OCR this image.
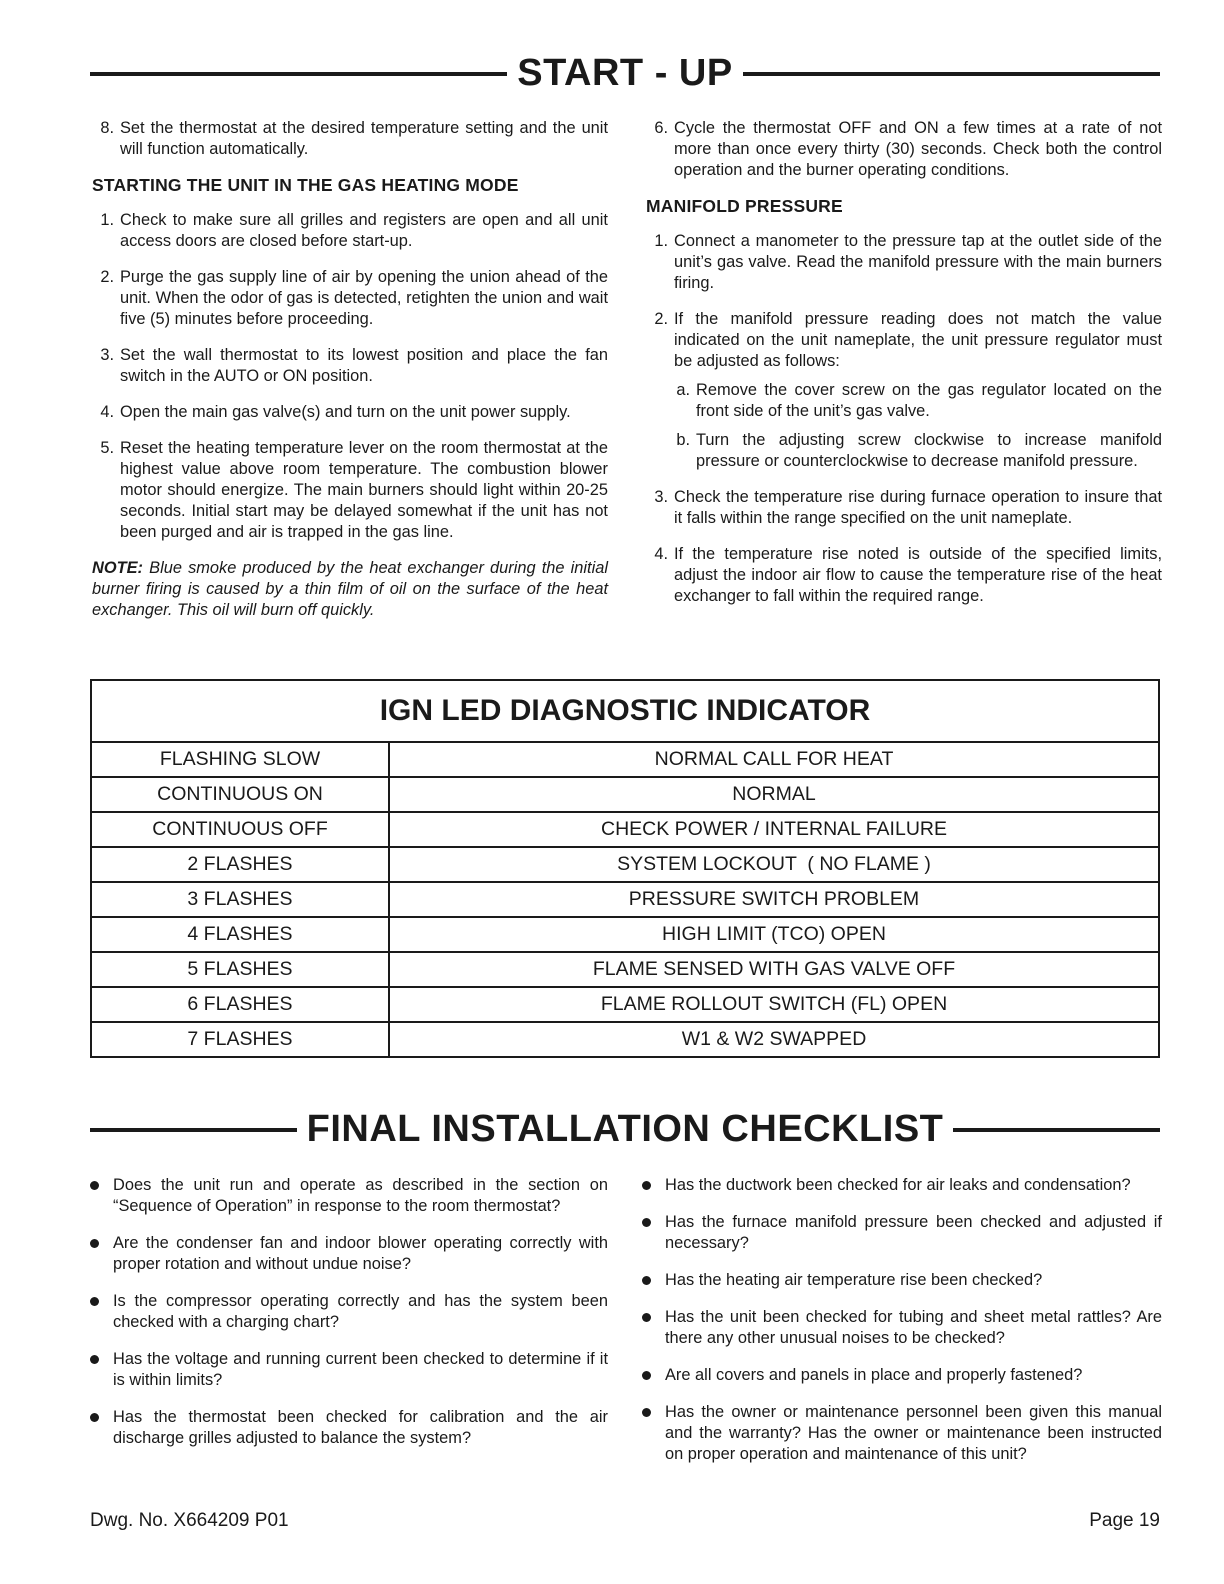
START - UP
8. Set the thermostat at the desired temperature setting and the unit will function automatically.
STARTING THE UNIT IN THE GAS HEATING MODE
1. Check to make sure all grilles and registers are open and all unit access doors are closed before start-up.
2. Purge the gas supply line of air by opening the union ahead of the unit. When the odor of gas is detected, retighten the union and wait five (5) minutes before proceeding.
3. Set the wall thermostat to its lowest position and place the fan switch in the AUTO or ON position.
4. Open the main gas valve(s) and turn on the unit power supply.
5. Reset the heating temperature lever on the room thermostat at the highest value above room temperature. The combustion blower motor should energize. The main burners should light within 20-25 seconds. Initial start may be delayed somewhat if the unit has not been purged and air is trapped in the gas line.
NOTE: Blue smoke produced by the heat exchanger during the initial burner firing is caused by a thin film of oil on the surface of the heat exchanger. This oil will burn off quickly.
6. Cycle the thermostat OFF and ON a few times at a rate of not more than once every thirty (30) seconds. Check both the control operation and the burner operating conditions.
MANIFOLD PRESSURE
1. Connect a manometer to the pressure tap at the outlet side of the unit’s gas valve. Read the manifold pressure with the main burners firing.
2. If the manifold pressure reading does not match the value indicated on the unit nameplate, the unit pressure regulator must be adjusted as follows:
a. Remove the cover screw on the gas regulator located on the front side of the unit’s gas valve.
b. Turn the adjusting screw clockwise to increase manifold pressure or counterclockwise to decrease manifold pressure.
3. Check the temperature rise during furnace operation to insure that it falls within the range specified on the unit nameplate.
4. If the temperature rise noted is outside of the specified limits, adjust the indoor air flow to cause the temperature rise of the heat exchanger to fall within the required range.
IGN LED DIAGNOSTIC INDICATOR	
FLASHING SLOW	NORMAL CALL FOR HEAT
CONTINUOUS ON	NORMAL
CONTINUOUS OFF	CHECK POWER / INTERNAL FAILURE
2 FLASHES	SYSTEM LOCKOUT  ( NO FLAME )
3 FLASHES	PRESSURE SWITCH PROBLEM
4 FLASHES	HIGH LIMIT (TCO) OPEN
5 FLASHES	FLAME SENSED WITH GAS VALVE OFF
6 FLASHES	FLAME ROLLOUT SWITCH (FL) OPEN
7 FLASHES	W1 & W2 SWAPPED
FINAL INSTALLATION CHECKLIST
Does the unit run and operate as described in the section on “Sequence of Operation” in response to the room thermostat?
Are the condenser fan and indoor blower operating correctly with proper rotation and without undue noise?
Is the compressor operating correctly and has the system been checked with a charging chart?
Has the voltage and running current been checked to determine if it is within limits?
Has the thermostat been checked for calibration and the air discharge grilles adjusted to balance the system?
Has the ductwork been checked for air leaks and condensation?
Has the furnace manifold pressure been checked and adjusted if necessary?
Has the heating air temperature rise been checked?
Has the unit been checked for tubing and sheet metal rattles? Are there any other unusual noises to be checked?
Are all covers and panels in place and properly fastened?
Has the owner or maintenance personnel been given this manual and the warranty? Has the owner or maintenance been instructed on proper operation and maintenance of this unit?
Dwg. No. X664209 P01	Page 19
